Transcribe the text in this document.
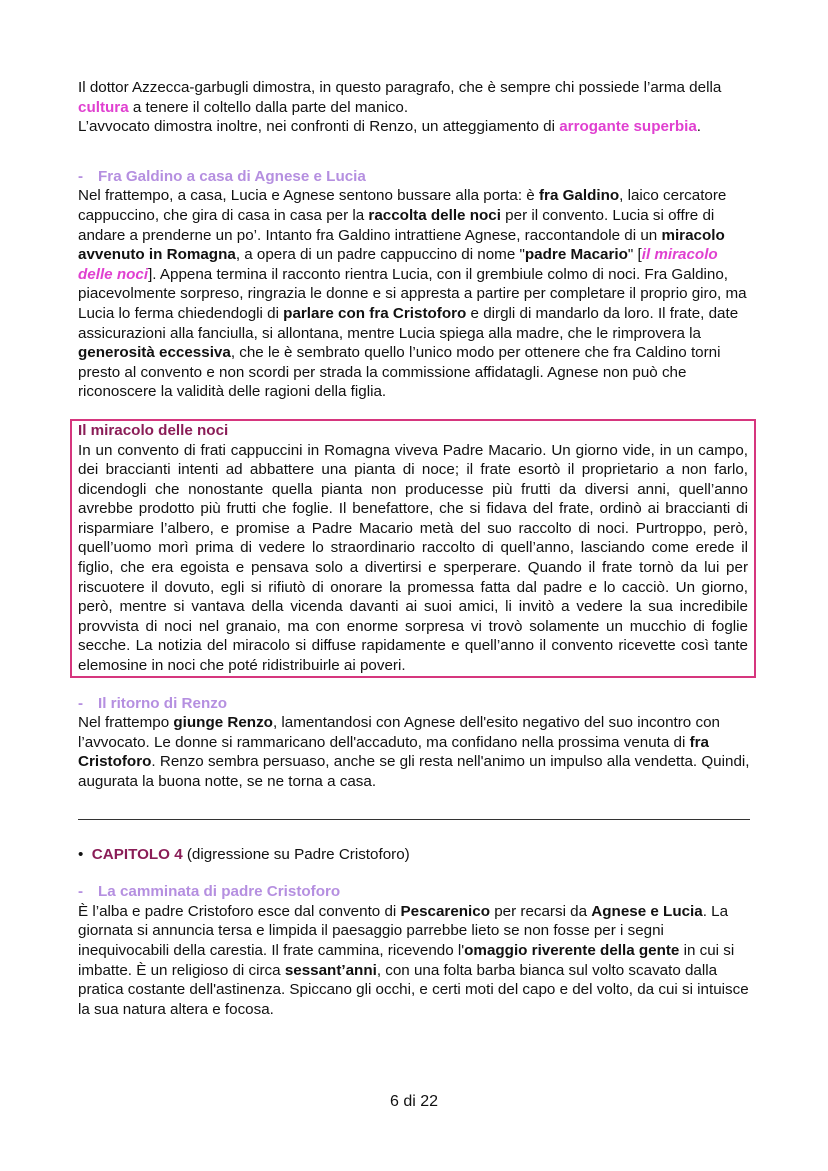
Il dottor Azzecca-garbugli dimostra, in questo paragrafo, che è sempre chi possiede l’arma della cultura a tenere il coltello dalla parte del manico.

L’avvocato dimostra inoltre, nei confronti di Renzo, un atteggiamento di arrogante superbia.

- Fra Galdino a casa di Agnese e Lucia

Nel frattempo, a casa, Lucia e Agnese sentono bussare alla porta: è fra Galdino, laico cercatore cappuccino, che gira di casa in casa per la raccolta delle noci per il convento. Lucia si offre di andare a prenderne un po’. Intanto fra Galdino intrattiene Agnese, raccontandole di un miracolo avvenuto in Romagna, a opera di un padre cappuccino di nome "padre Macario" [il miracolo delle noci]. Appena termina il racconto rientra Lucia, con il grembiule colmo di noci. Fra Galdino, piacevolmente sorpreso, ringrazia le donne e si appresta a partire per completare il proprio giro, ma Lucia lo ferma chiedendogli di parlare con fra Cristoforo e dirgli di mandarlo da loro. Il frate, date assicurazioni alla fanciulla, si allontana, mentre Lucia spiega alla madre, che le rimprovera la generosità eccessiva, che le è sembrato quello l’unico modo per ottenere che fra Caldino torni presto al convento e non scordi per strada la commissione affidatagli. Agnese non può che riconoscere la validità delle ragioni della figlia.

Il miracolo delle noci

In un convento di frati cappuccini in Romagna viveva Padre Macario. Un giorno vide, in un campo, dei braccianti intenti ad abbattere una pianta di noce; il frate esortò il proprietario a non farlo, dicendogli che nonostante quella pianta non producesse più frutti da diversi anni, quell’anno avrebbe prodotto più frutti che foglie. Il benefattore, che si fidava del frate, ordinò ai braccianti di risparmiare l’albero, e promise a Padre Macario metà del suo raccolto di noci. Purtroppo, però, quell’uomo morì prima di vedere lo straordinario raccolto di quell’anno, lasciando come erede il figlio, che era egoista e pensava solo a divertirsi e sperperare. Quando il frate tornò da lui per riscuotere il dovuto, egli si rifiutò di onorare la promessa fatta dal padre e lo cacciò. Un giorno, però, mentre si vantava della vicenda davanti ai suoi amici, li invitò a vedere la sua incredibile provvista di noci nel granaio, ma con enorme sorpresa vi trovò solamente un mucchio di foglie secche. La notizia del miracolo si diffuse rapidamente e quell’anno il convento ricevette così tante elemosine in noci che poté ridistribuirle ai poveri.

- Il ritorno di Renzo

Nel frattempo giunge Renzo, lamentandosi con Agnese dell'esito negativo del suo incontro con l’avvocato. Le donne si rammaricano dell'accaduto, ma confidano nella prossima venuta di fra Cristoforo. Renzo sembra persuaso, anche se gli resta nell'animo un impulso alla vendetta. Quindi, augurata la buona notte, se ne torna a casa.

• CAPITOLO 4 (digressione su Padre Cristoforo)

- La camminata di padre Cristoforo

È l’alba e padre Cristoforo esce dal convento di Pescarenico per recarsi da Agnese e Lucia. La giornata si annuncia tersa e limpida il paesaggio parrebbe lieto se non fosse per i segni inequivocabili della carestia. Il frate cammina, ricevendo l'omaggio riverente della gente in cui si imbatte. È un religioso di circa sessant’anni, con una folta barba bianca sul volto scavato dalla pratica costante dell'astinenza. Spiccano gli occhi, e certi moti del capo e del volto, da cui si intuisce la sua natura altera e focosa.

6 di 22
